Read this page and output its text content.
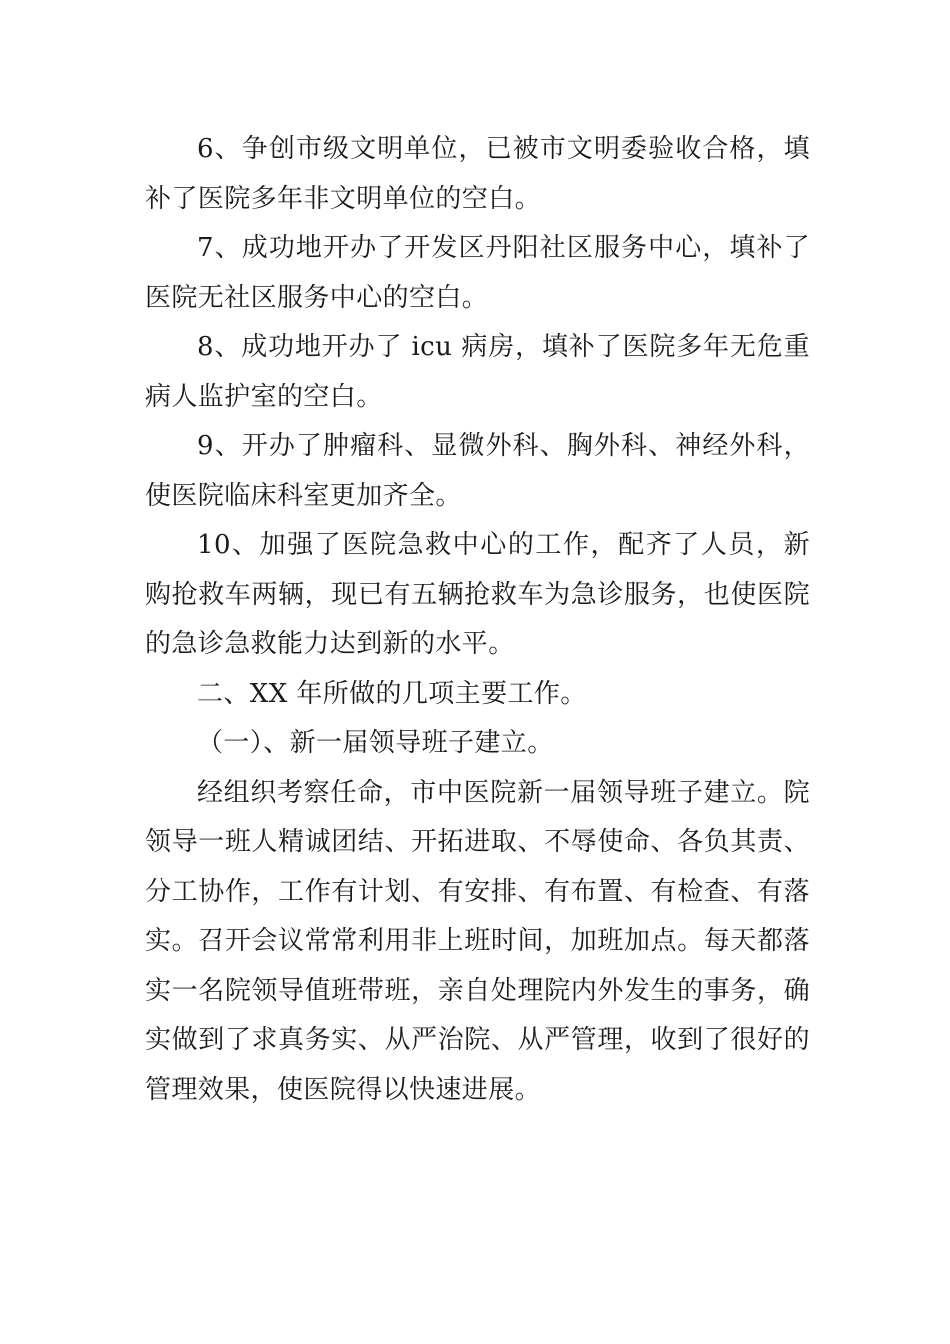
6、争创市级文明单位，已被市文明委验收合格，填补了医院多年非文明单位的空白。

7、成功地开办了开发区丹阳社区服务中心，填补了医院无社区服务中心的空白。

8、成功地开办了 icu 病房，填补了医院多年无危重病人监护室的空白。

9、开办了肿瘤科、显微外科、胸外科、神经外科，使医院临床科室更加齐全。

10、加强了医院急救中心的工作，配齐了人员，新购抢救车两辆，现已有五辆抢救车为急诊服务，也使医院的急诊急救能力达到新的水平。

二、XX 年所做的几项主要工作。

（一）、新一届领导班子建立。

经组织考察任命，市中医院新一届领导班子建立。院领导一班人精诚团结、开拓进取、不辱使命、各负其责、分工协作，工作有计划、有安排、有布置、有检查、有落实。召开会议常常利用非上班时间，加班加点。每天都落实一名院领导值班带班，亲自处理院内外发生的事务，确实做到了求真务实、从严治院、从严管理，收到了很好的管理效果，使医院得以快速进展。
